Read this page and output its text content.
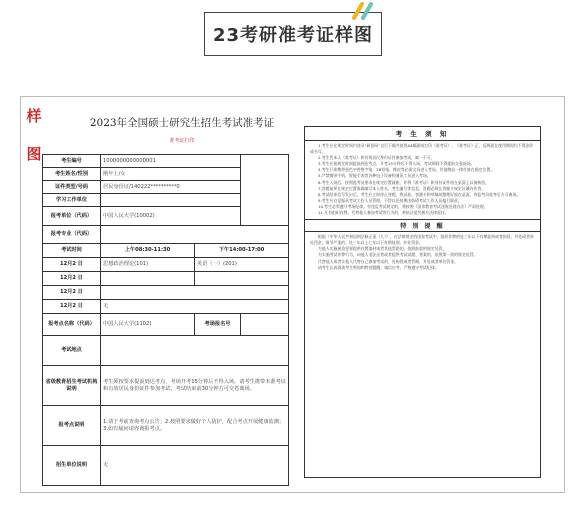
23考研准考证样图
样
图
2023年全国硕士研究生招生考试准考证
准考证打印
考生编号	1000000000000001		
考生姓名/性别	刚年上/女		
证件类型/号码	居民身份证/140222**********0		
学习工作单位			
报考单位（代码）	中国人民大学(10002)		
报考专业（代码）			
考试时间	上午08:30-11:30	下午14:00-17:00	
12月2 日	思想政治理论(101)	英语（一）(201)	
12月2 日			
12月2 日			
12月2 日	无		
报考点名称（代码）	中国人民大学(1102)	考场报名号	
考试地点			
省级教育招生考试机构说明	考生须按要求提前到达考点，考场开考15分钟后不得入场。请考生携带本准考证和有效居民身份证件参加考试，考试结束前30分钟方可交卷离场。		
报考点说明	1.请于考前查询考点公告；2.按照要求做好个人防护，配合考点开展健康监测；3.如有疑问请咨询报考点。		
招生单位说明	无		
考 生 须 知

1.考生应在规定时间内登录“研招网”自行下载并使用A4幅面纸打印《准考证》，《准考证》正、反两面在使用期间均不得涂改或书写。

2.考生凭本人《准考证》和有效居民身份证件参加考试，缺一不可。

3.考生应按规定时间提前到达考点，开考15分钟后不得入场，考试期间不得提前交卷退场。

4.考生只准携带黑色字迹签字笔、2B铅笔、橡皮等必需文具进入考场，其他物品一律存放在指定位置。

5.严禁携带手机、智能手表等各种电子设备和通讯工具进入考场。

6.考生入场后，按照监考员要求在规定位置就座，并将《准考证》和身份证件放在桌面上以备核验。

7.答题前须在规定位置准确填写本人姓名、考生编号等信息，答题必须在答题卡规定区域内作答。

8.考试结束信号发出后，考生应立即停止答题，将试卷、答题卡和草稿纸整理好放在桌面，待监考员收齐后方可离场。

9.考生应自觉服从考试工作人员管理，不得以任何理由妨碍考试工作人员履行职责。

10.考生必须遵守考场纪律，对违反考试规定的，将按照《国家教育考试违规处理办法》严肃处理。

11.凡有组织作弊、代替他人参加考试等行为的，将依法追究相应法律责任。

特 别 提 醒

根据《中华人民共和国刑法修正案（九）》，在法律规定的国家考试中，组织作弊的处三年以下有期徒刑或者拘役，并处或者单处罚金；情节严重的，处三年以上七年以下有期徒刑，并处罚金。

为他人实施前款犯罪提供作弊器材或者其他帮助的，依照前款的规定处罚。

为实施考试作弊行为，向他人非法出售或者提供考试试题、答案的，依照第一款的规定处罚。

代替他人或者让他人代替自己参加考试的，处拘役或者管制，并处或者单处罚金。

请考生认真阅读考生须知和特别提醒，诚信应考，严格遵守考试纪律。
